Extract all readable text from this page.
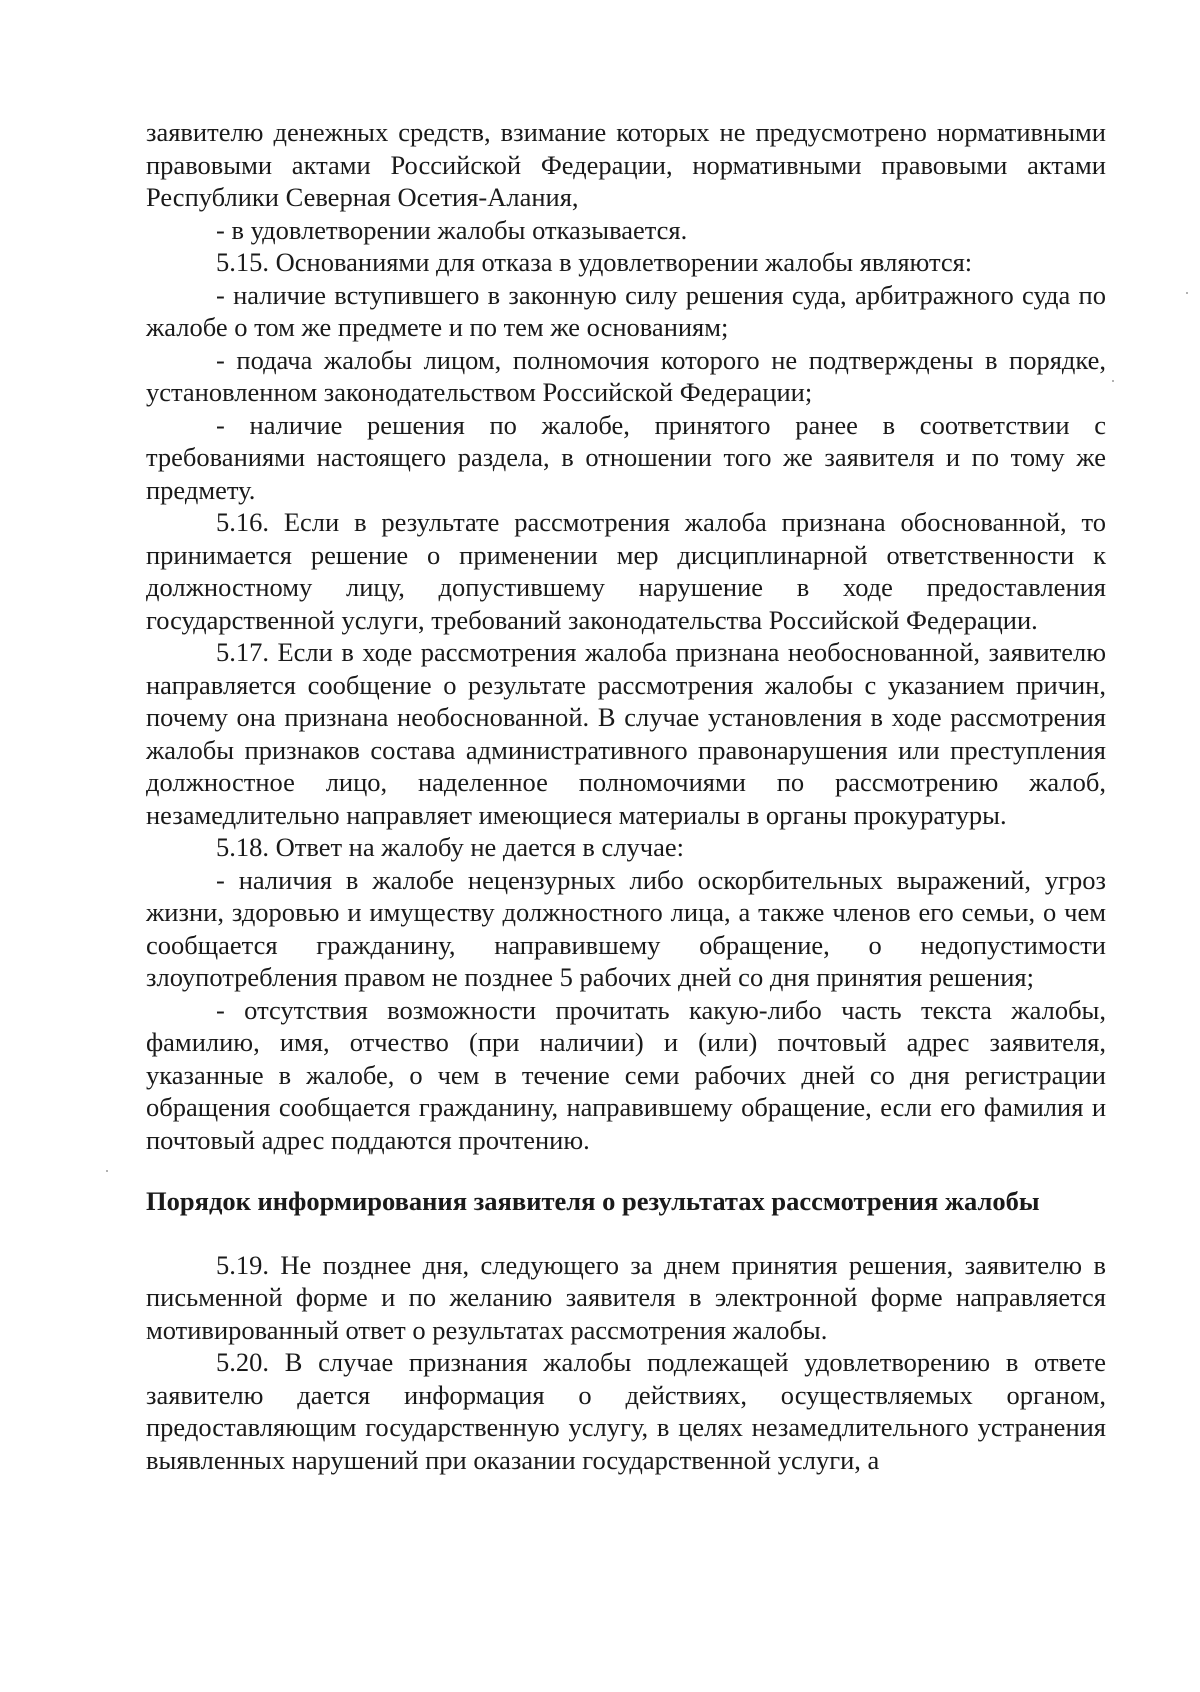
заявителю денежных средств, взимание которых не предусмотрено нормативными правовыми актами Российской Федерации, нормативными правовыми актами Республики Северная Осетия-Алания,

- в удовлетворении жалобы отказывается.

5.15. Основаниями для отказа в удовлетворении жалобы являются:

- наличие вступившего в законную силу решения суда, арбитражного суда по жалобе о том же предмете и по тем же основаниям;

- подача жалобы лицом, полномочия которого не подтверждены в порядке, установленном законодательством Российской Федерации;

- наличие решения по жалобе, принятого ранее в соответствии с требованиями настоящего раздела, в отношении того же заявителя и по тому же предмету.

5.16. Если в результате рассмотрения жалоба признана обоснованной, то принимается решение о применении мер дисциплинарной ответственности к должностному лицу, допустившему нарушение в ходе предоставления государственной услуги, требований законодательства Российской Федерации.

5.17. Если в ходе рассмотрения жалоба признана необоснованной, заявителю направляется сообщение о результате рассмотрения жалобы с указанием причин, почему она признана необоснованной. В случае установления в ходе рассмотрения жалобы признаков состава административного правонарушения или преступления должностное лицо, наделенное полномочиями по рассмотрению жалоб, незамедлительно направляет имеющиеся материалы в органы прокуратуры.

5.18. Ответ на жалобу не дается в случае:

- наличия в жалобе нецензурных либо оскорбительных выражений, угроз жизни, здоровью и имуществу должностного лица, а также членов его семьи, о чем сообщается гражданину, направившему обращение, о недопустимости злоупотребления правом не позднее 5 рабочих дней со дня принятия решения;

- отсутствия возможности прочитать какую-либо часть текста жалобы, фамилию, имя, отчество (при наличии) и (или) почтовый адрес заявителя, указанные в жалобе, о чем в течение семи рабочих дней со дня регистрации обращения сообщается гражданину, направившему обращение, если его фамилия и почтовый адрес поддаются прочтению.

Порядок информирования заявителя о результатах рассмотрения жалобы

5.19. Не позднее дня, следующего за днем принятия решения, заявителю в письменной форме и по желанию заявителя в электронной форме направляется мотивированный ответ о результатах рассмотрения жалобы.

5.20. В случае признания жалобы подлежащей удовлетворению в ответе заявителю дается информация о действиях, осуществляемых органом, предоставляющим государственную услугу, в целях незамедлительного устранения выявленных нарушений при оказании государственной услуги, а
